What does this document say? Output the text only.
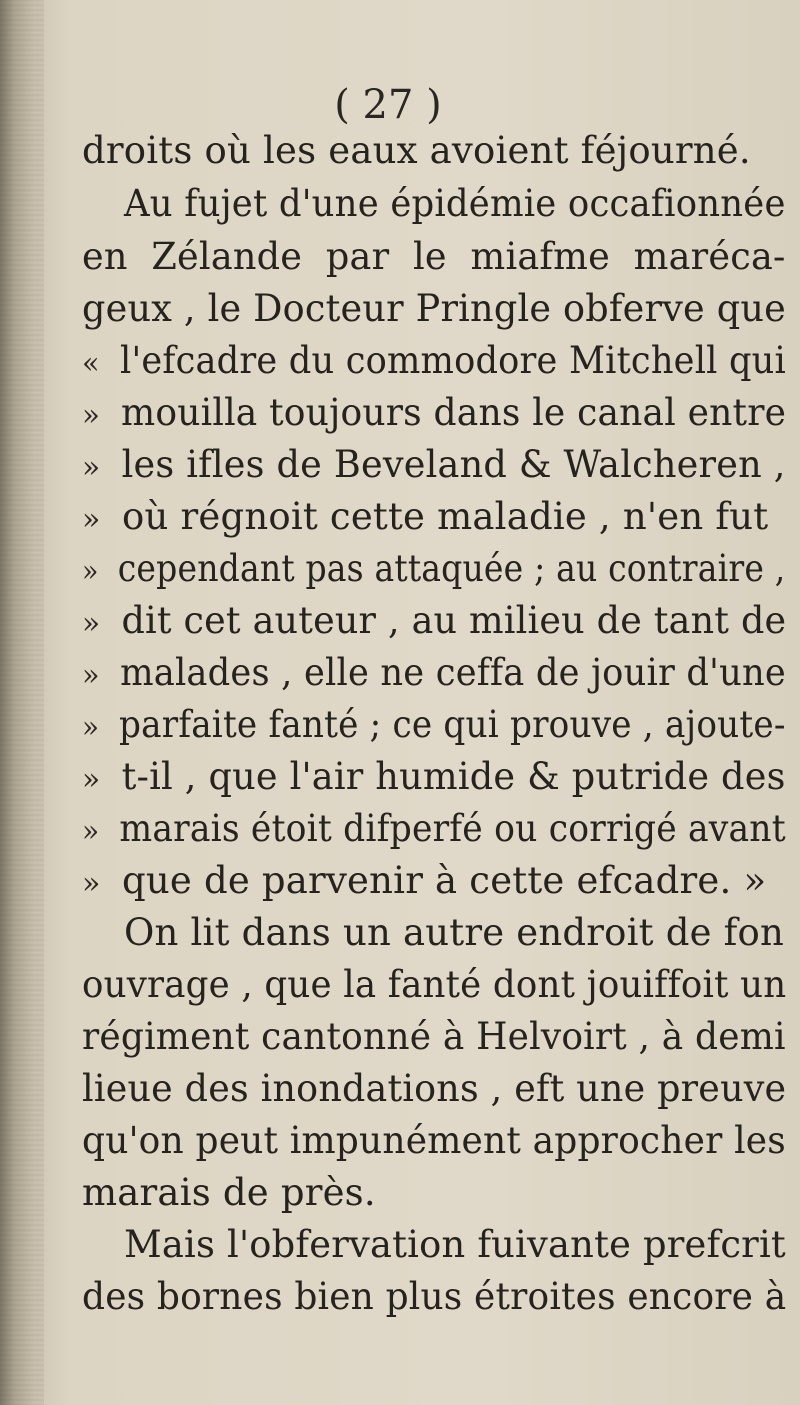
( 27 )
droits où les eaux avoient féjourné.
Au fujet d'une épidémie occafionnée
en Zélande par le miafme maréca-
geux , le Docteur Pringle obferve que
« l'efcadre du commodore Mitchell qui
» mouilla toujours dans le canal entre
» les ifles de Beveland & Walcheren ,
» où régnoit cette maladie , n'en fut
» cependant pas attaquée ; au contraire ,
» dit cet auteur , au milieu de tant de
» malades , elle ne ceffa de jouir d'une
» parfaite fanté ; ce qui prouve , ajoute-
» t-il , que l'air humide & putride des
» marais étoit difperfé ou corrigé avant
» que de parvenir à cette efcadre. »
On lit dans un autre endroit de fon
ouvrage , que la fanté dont jouiffoit un
régiment cantonné à Helvoirt , à demi
lieue des inondations , eft une preuve
qu'on peut impunément approcher les
marais de près.
Mais l'obfervation fuivante prefcrit
des bornes bien plus étroites encore à
